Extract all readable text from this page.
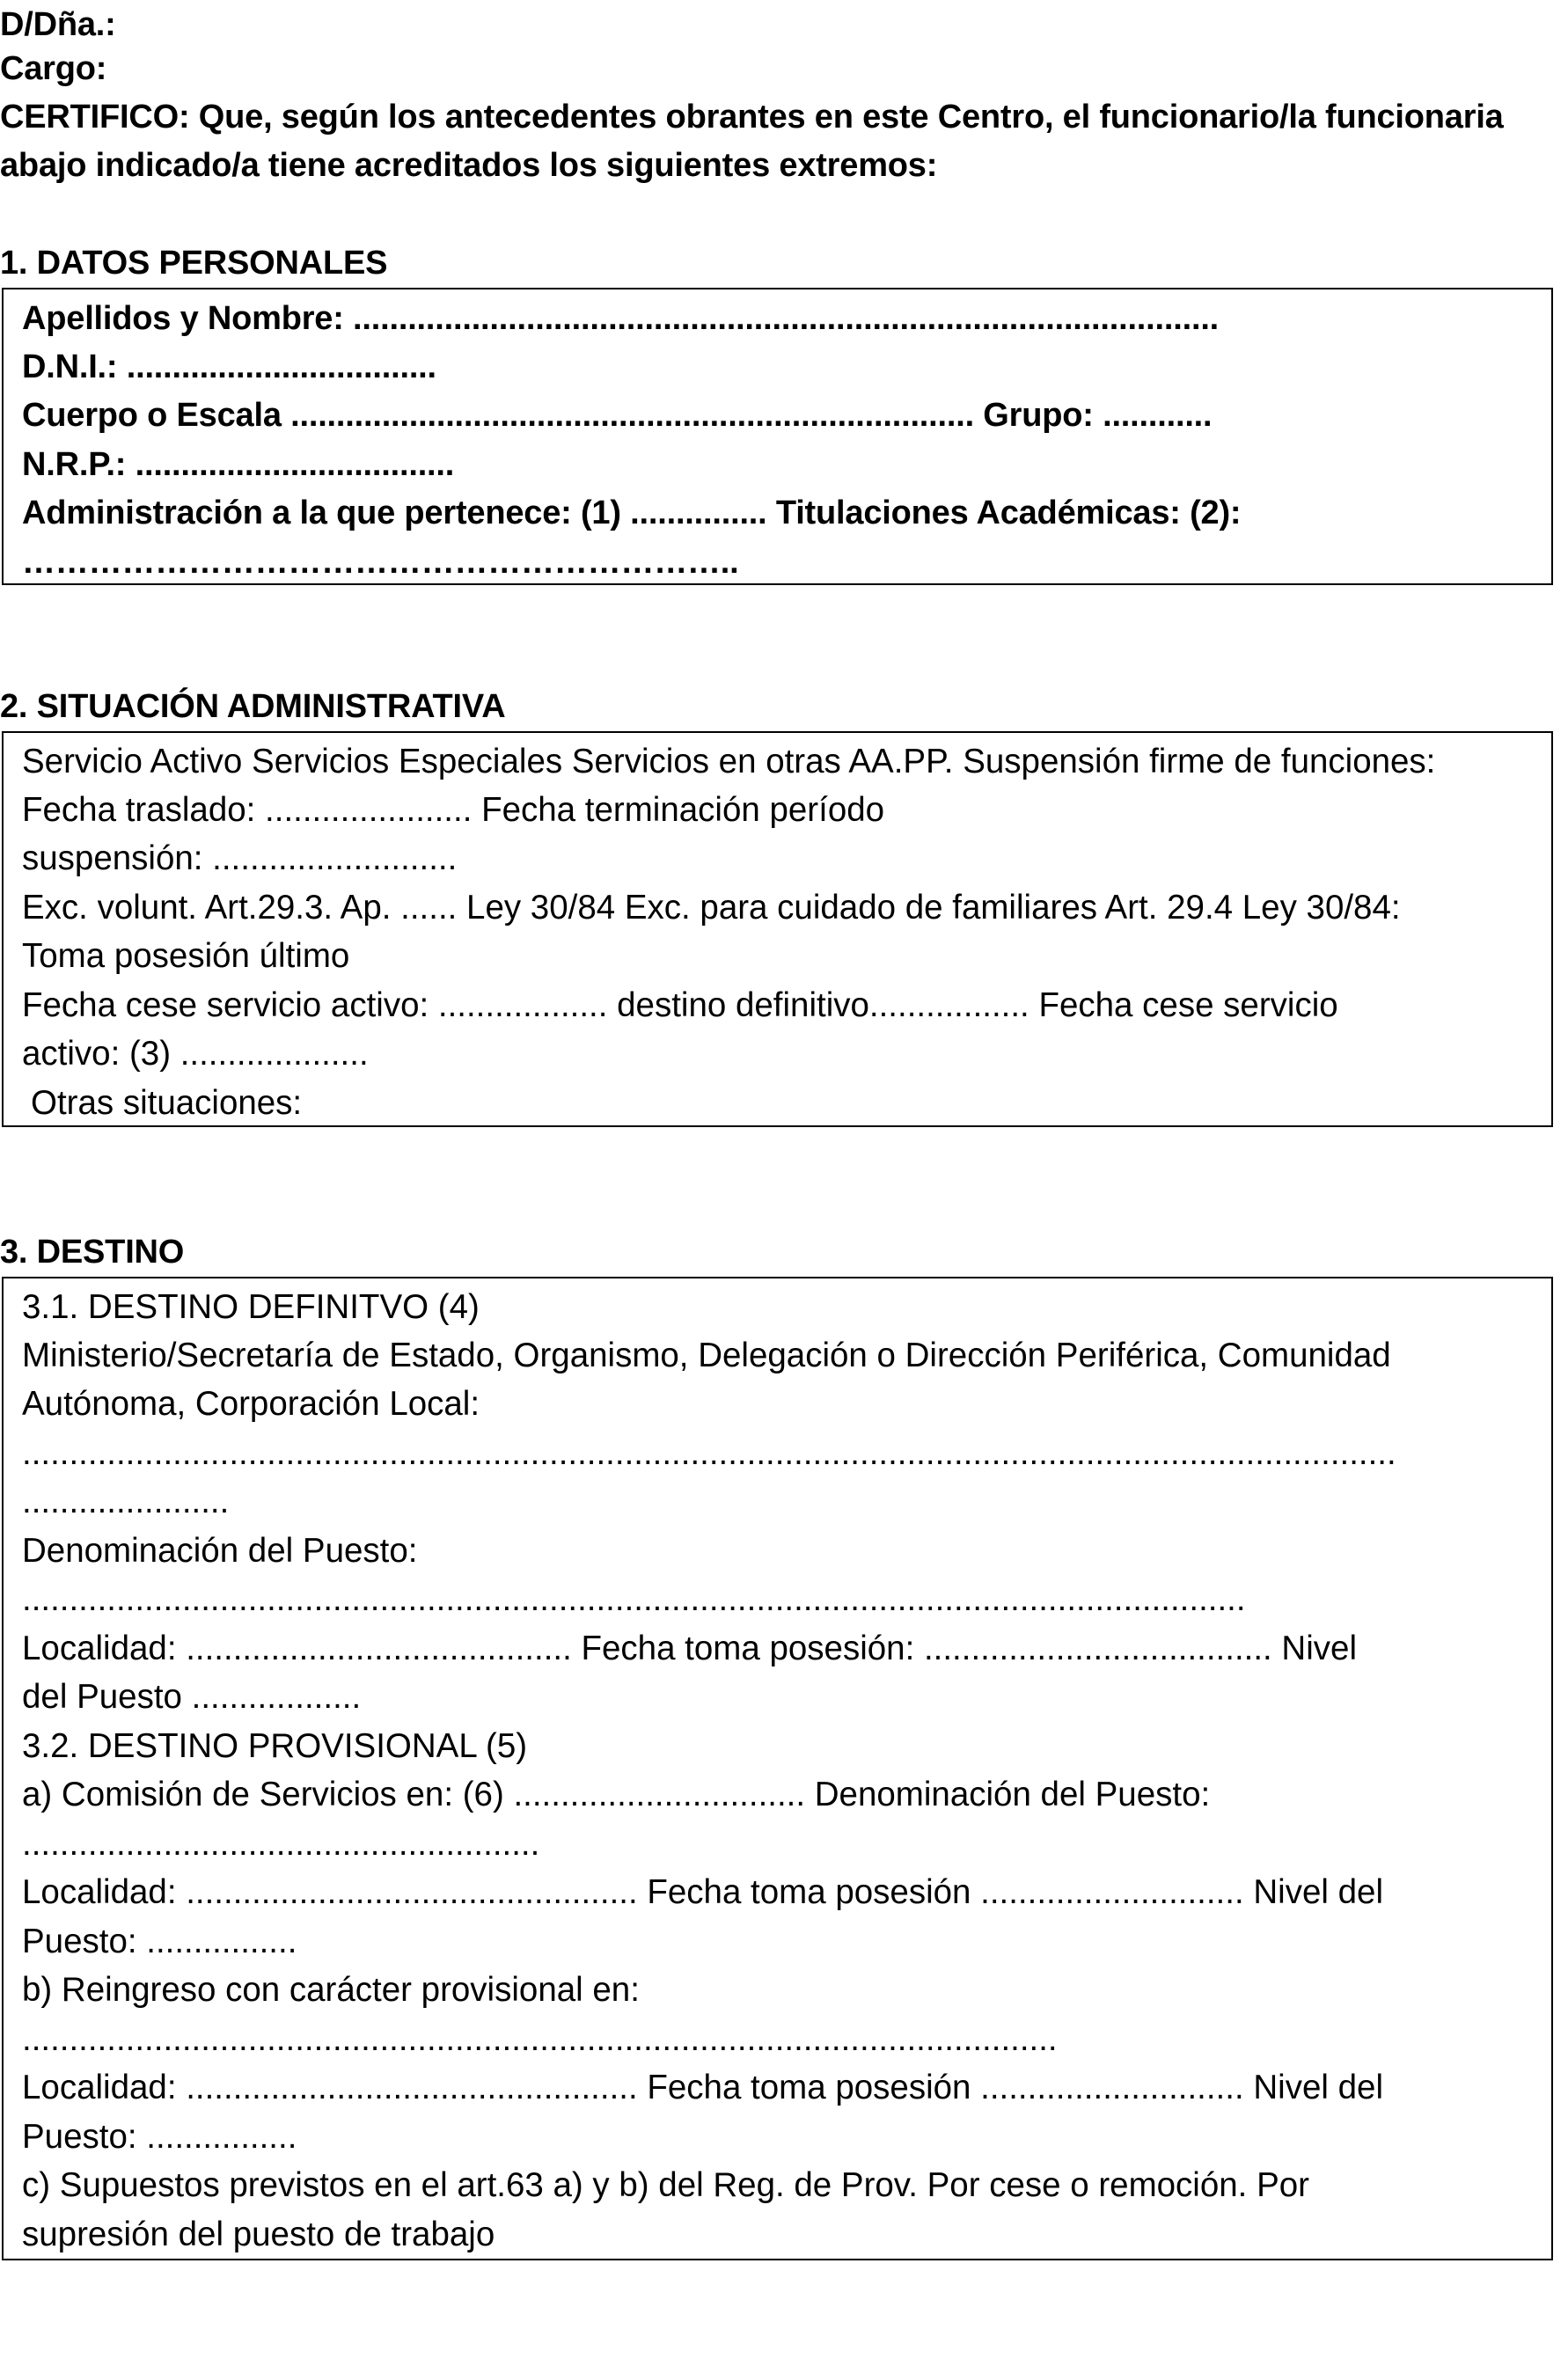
D/Dña.:
Cargo:
CERTIFICO: Que, según los antecedentes obrantes en este Centro, el funcionario/la funcionaria
abajo indicado/a tiene acreditados los siguientes extremos:
1. DATOS PERSONALES
Apellidos y Nombre: ...............................................................................................
D.N.I.: ..................................
Cuerpo o Escala ........................................................................... Grupo: ............
N.R.P.: ...................................
Administración a la que pertenece: (1) ............... Titulaciones Académicas: (2):
………………………………………………………..
2. SITUACIÓN ADMINISTRATIVA
Servicio Activo Servicios Especiales Servicios en otras AA.PP. Suspensión firme de funciones:
Fecha traslado: ...................... Fecha terminación período
suspensión: ..........................
Exc. volunt. Art.29.3. Ap. ...... Ley 30/84 Exc. para cuidado de familiares Art. 29.4 Ley 30/84:
Toma posesión último
Fecha cese servicio activo: .................. destino definitivo................. Fecha cese servicio
activo: (3) ....................
Otras situaciones:
3. DESTINO
3.1. DESTINO DEFINITVO (4)
Ministerio/Secretaría de Estado, Organismo, Delegación o Dirección Periférica, Comunidad
Autónoma, Corporación Local:
..................................................................................................................................................
......................
Denominación del Puesto:
..................................................................................................................................
Localidad: ......................................... Fecha toma posesión: ..................................... Nivel
del Puesto ..................
3.2. DESTINO PROVISIONAL (5)
a) Comisión de Servicios en: (6) ............................... Denominación del Puesto:
.......................................................
Localidad: ................................................ Fecha toma posesión ............................ Nivel del
Puesto: ................
b) Reingreso con carácter provisional en:
..............................................................................................................
Localidad: ................................................ Fecha toma posesión ............................ Nivel del
Puesto: ................
c) Supuestos previstos en el art.63 a) y b) del Reg. de Prov. Por cese o remoción. Por
supresión del puesto de trabajo
